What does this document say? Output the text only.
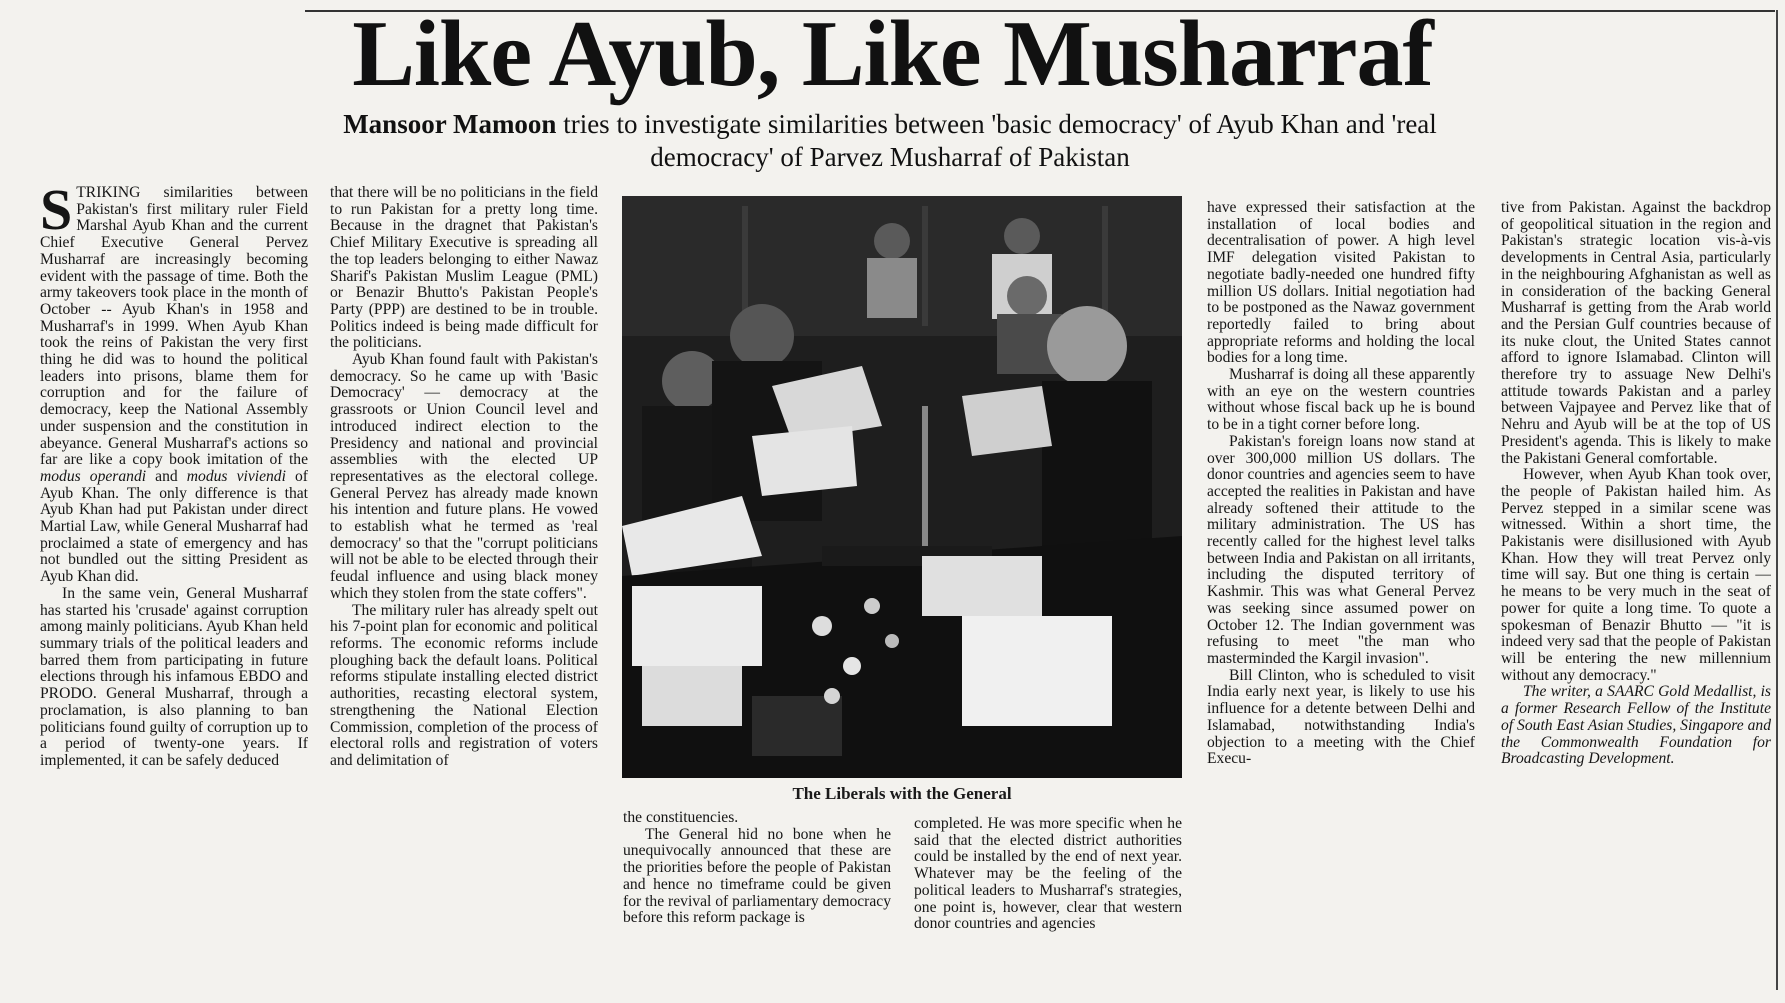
Like Ayub, Like Musharraf
Mansoor Mamoon tries to investigate similarities between 'basic democracy' of Ayub Khan and 'real democracy' of Parvez Musharraf of Pakistan

STRIKING similarities between Pakistan's first military ruler Field Marshal Ayub Khan and the current Chief Executive General Pervez Musharraf are increasingly becoming evident with the passage of time. Both the army takeovers took place in the month of October -- Ayub Khan's in 1958 and Musharraf's in 1999. When Ayub Khan took the reins of Pakistan the very first thing he did was to hound the political leaders into prisons, blame them for corruption and for the failure of democracy, keep the National Assembly under suspension and the constitution in abeyance. General Musharraf's actions so far are like a copy book imitation of the modus operandi and modus viviendi of Ayub Khan. The only difference is that Ayub Khan had put Pakistan under direct Martial Law, while General Musharraf had proclaimed a state of emergency and has not bundled out the sitting President as Ayub Khan did.

In the same vein, General Musharraf has started his 'crusade' against corruption among mainly politicians. Ayub Khan held summary trials of the political leaders and barred them from participating in future elections through his infamous EBDO and PRODO. General Musharraf, through a proclamation, is also planning to ban politicians found guilty of corruption up to a period of twenty-one years. If implemented, it can be safely deduced

that there will be no politicians in the field to run Pakistan for a pretty long time. Because in the dragnet that Pakistan's Chief Military Executive is spreading all the top leaders belonging to either Nawaz Sharif's Pakistan Muslim League (PML) or Benazir Bhutto's Pakistan People's Party (PPP) are destined to be in trouble. Politics indeed is being made difficult for the politicians.

Ayub Khan found fault with Pakistan's democracy. So he came up with 'Basic Democracy' — democracy at the grassroots or Union Council level and introduced indirect election to the Presidency and national and provincial assemblies with the elected UP representatives as the electoral college. General Pervez has already made known his intention and future plans. He vowed to establish what he termed as 'real democracy' so that the "corrupt politicians will not be able to be elected through their feudal influence and using black money which they stolen from the state coffers".

The military ruler has already spelt out his 7-point plan for economic and political reforms. The economic reforms include ploughing back the default loans. Political reforms stipulate installing elected district authorities, recasting electoral system, strengthening the National Election Commission, completion of the process of electoral rolls and registration of voters and delimitation of

The Liberals with the General

the constituencies.

The General hid no bone when he unequivocally announced that these are the priorities before the people of Pakistan and hence no timeframe could be given for the revival of parliamentary democracy before this reform package is

completed. He was more specific when he said that the elected district authorities could be installed by the end of next year. Whatever may be the feeling of the political leaders to Musharraf's strategies, one point is, however, clear that western donor countries and agencies

have expressed their satisfaction at the installation of local bodies and decentralisation of power. A high level IMF delegation visited Pakistan to negotiate badly-needed one hundred fifty million US dollars. Initial negotiation had to be postponed as the Nawaz government reportedly failed to bring about appropriate reforms and holding the local bodies for a long time.

Musharraf is doing all these apparently with an eye on the western countries without whose fiscal back up he is bound to be in a tight corner before long.

Pakistan's foreign loans now stand at over 300,000 million US dollars. The donor countries and agencies seem to have accepted the realities in Pakistan and have already softened their attitude to the military administration. The US has recently called for the highest level talks between India and Pakistan on all irritants, including the disputed territory of Kashmir. This was what General Pervez was seeking since assumed power on October 12. The Indian government was refusing to meet "the man who masterminded the Kargil invasion".

Bill Clinton, who is scheduled to visit India early next year, is likely to use his influence for a detente between Delhi and Islamabad, notwithstanding India's objection to a meeting with the Chief Execu-

tive from Pakistan. Against the backdrop of geopolitical situation in the region and Pakistan's strategic location vis-à-vis developments in Central Asia, particularly in the neighbouring Afghanistan as well as in consideration of the backing General Musharraf is getting from the Arab world and the Persian Gulf countries because of its nuke clout, the United States cannot afford to ignore Islamabad. Clinton will therefore try to assuage New Delhi's attitude towards Pakistan and a parley between Vajpayee and Pervez like that of Nehru and Ayub will be at the top of US President's agenda. This is likely to make the Pakistani General comfortable.

However, when Ayub Khan took over, the people of Pakistan hailed him. As Pervez stepped in a similar scene was witnessed. Within a short time, the Pakistanis were disillusioned with Ayub Khan. How they will treat Pervez only time will say. But one thing is certain — he means to be very much in the seat of power for quite a long time. To quote a spokesman of Benazir Bhutto — "it is indeed very sad that the people of Pakistan will be entering the new millennium without any democracy."

The writer, a SAARC Gold Medallist, is a former Research Fellow of the Institute of South East Asian Studies, Singapore and the Commonwealth Foundation for Broadcasting Development.
